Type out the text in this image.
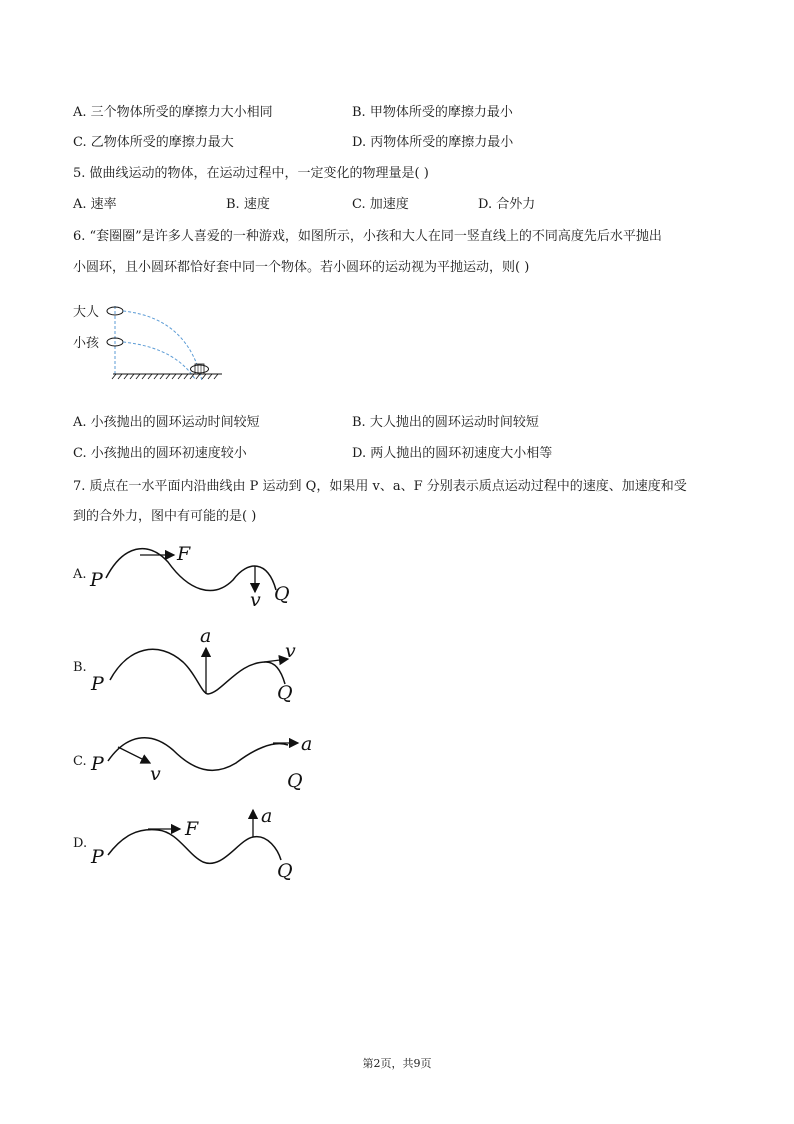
A. 三个物体所受的摩擦力大小相同	B. 甲物体所受的摩擦力最小
C. 乙物体所受的摩擦力最大	D. 丙物体所受的摩擦力最小
5. 做曲线运动的物体，在运动过程中，一定变化的物理量是( )
A. 速率	B. 速度	C. 加速度	D. 合外力
6. “套圈圈”是许多人喜爱的一种游戏，如图所示，小孩和大人在同一竖直线上的不同高度先后水平抛出
小圆环，且小圆环都恰好套中同一个物体。若小圆环的运动视为平抛运动，则( )
大人
小孩
A. 小孩抛出的圆环运动时间较短	B. 大人抛出的圆环运动时间较短
C. 小孩抛出的圆环初速度较小	D. 两人抛出的圆环初速度大小相等
7. 质点在一水平面内沿曲线由 P 运动到 Q，如果用 v、a、F 分别表示质点运动过程中的速度、加速度和受
到的合外力，图中有可能的是( )
A. P
Q
F
v
B.
P	Q
a
v
C. P
Q
v
a
D.
P
Q
F
a
第2页，共9页
